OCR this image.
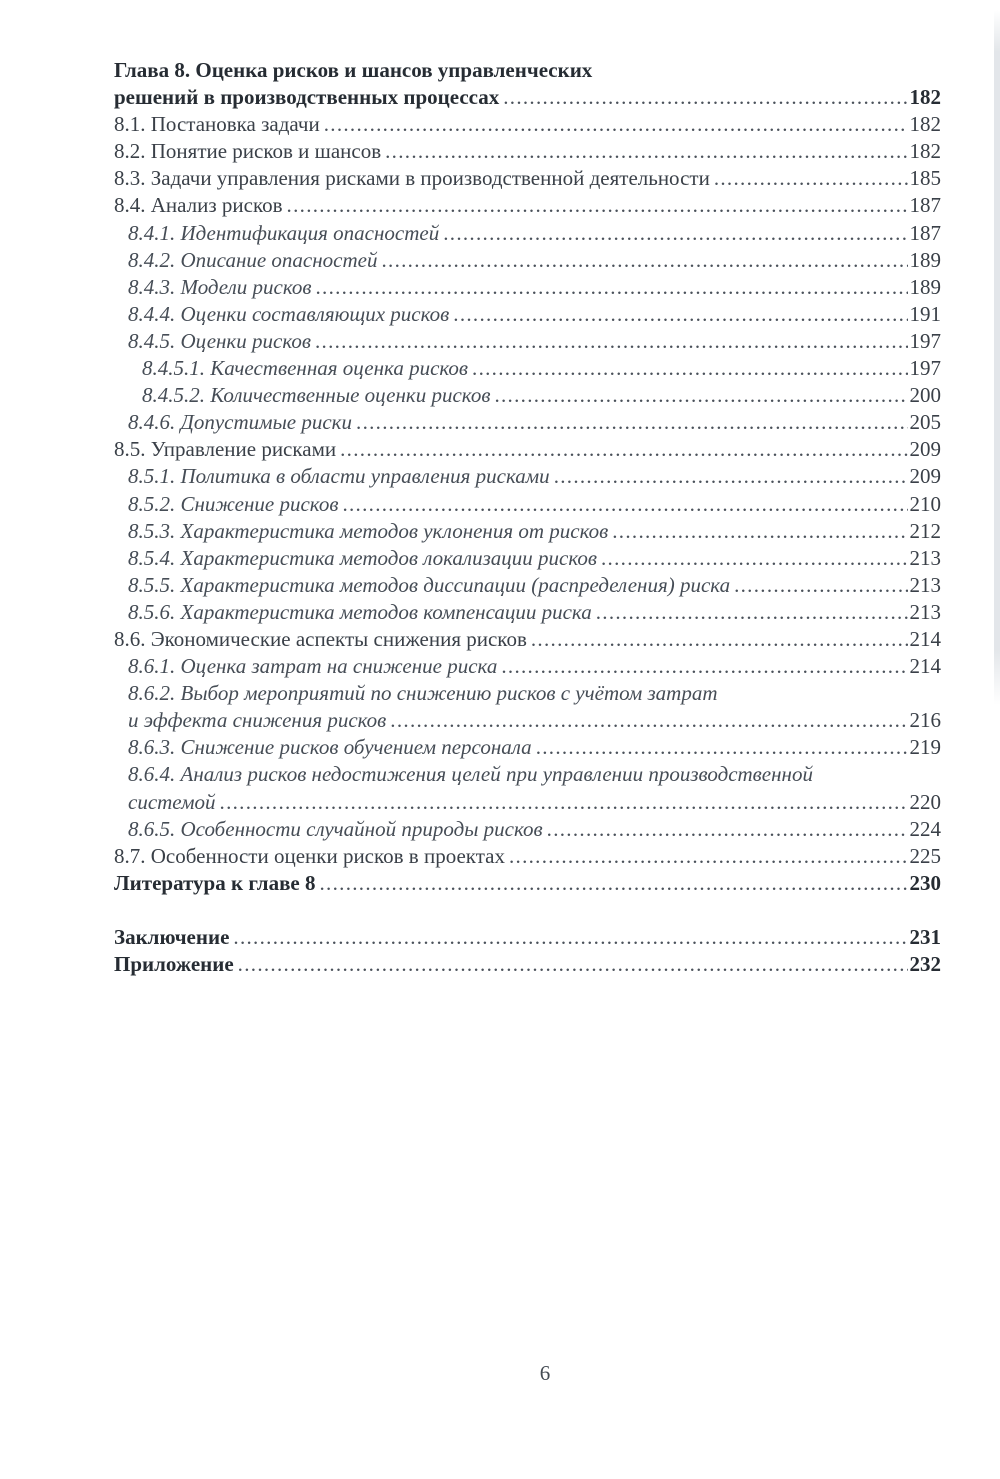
Глава 8. Оценка рисков и шансов управленческих
решений в производственных процессах .....	182
8.1. Постановка задачи .....	182
8.2. Понятие рисков и шансов .....	182
8.3. Задачи управления рисками в производственной деятельности .....	185
8.4. Анализ рисков .....	187
8.4.1. Идентификация опасностей .....	187
8.4.2. Описание опасностей .....	189
8.4.3. Модели рисков .....	189
8.4.4. Оценки составляющих рисков .....	191
8.4.5. Оценки рисков .....	197
8.4.5.1. Качественная оценка рисков .....	197
8.4.5.2. Количественные оценки рисков .....	200
8.4.6. Допустимые риски .....	205
8.5. Управление рисками .....	209
8.5.1. Политика в области управления рисками .....	209
8.5.2. Снижение рисков .....	210
8.5.3. Характеристика методов уклонения от рисков .....	212
8.5.4. Характеристика методов локализации рисков .....	213
8.5.5. Характеристика методов диссипации (распределения) риска .....	213
8.5.6. Характеристика методов компенсации риска .....	213
8.6. Экономические аспекты снижения рисков .....	214
8.6.1. Оценка затрат на снижение риска .....	214
8.6.2. Выбор мероприятий по снижению рисков с учётом затрат
и эффекта снижения рисков .....	216
8.6.3. Снижение рисков обучением персонала .....	219
8.6.4. Анализ рисков недостижения целей при управлении производственной
системой .....	220
8.6.5. Особенности случайной природы рисков .....	224
8.7. Особенности оценки рисков в проектах .....	225
Литература к главе 8 .....	230
Заключение .....	231
Приложение .....	232
6
